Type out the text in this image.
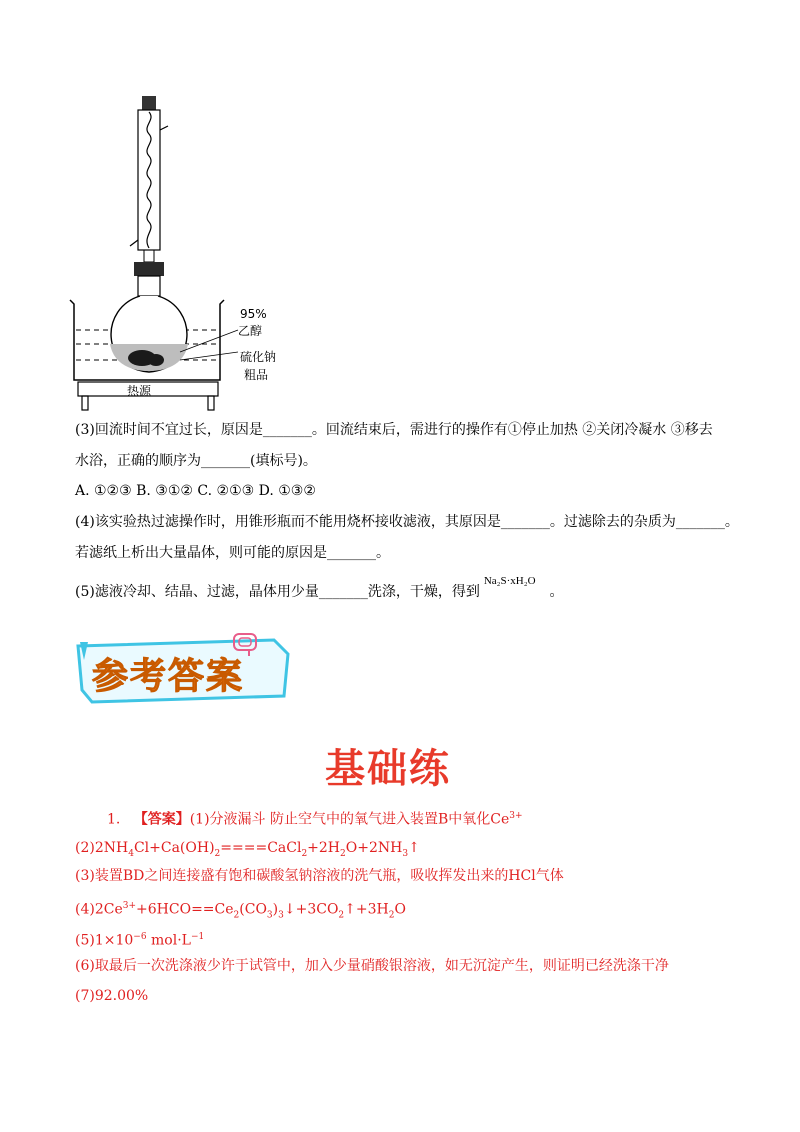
95%
乙醇
硫化钠
粗品
热源
(3)回流时间不宜过长，原因是_______。回流结束后，需进行的操作有①停止加热 ②关闭冷凝水 ③移去
水浴，正确的顺序为_______(填标号)。
A. ①②③ B. ③①② C. ②①③ D. ①③②
(4)该实验热过滤操作时，用锥形瓶而不能用烧杯接收滤液，其原因是_______。过滤除去的杂质为_______。
若滤纸上析出大量晶体，则可能的原因是_______。
(5)滤液冷却、结晶、过滤，晶体用少量_______洗涤，干燥，得到$^{Na_2S\cdot xH_2O}$。
参考答案
基础练
1. 【答案】(1)分液漏斗 防止空气中的氧气进入装置B中氧化$Ce^{3+}$
$(2)2NH_4Cl+Ca(OH)_2====CaCl_2+2H_2O+2NH_3↑$
(3)装置BD之间连接盛有饱和碳酸氢钠溶液的洗气瓶，吸收挥发出来的HCl气体
$(4)2Ce^{3+}+6HCO==Ce_2(CO_3)_3↓+3CO_2↑+3H_2O$
$(5)1\times 10^{-6}$ $mol\cdot L^{-1}$
(6)取最后一次洗涤液少许于试管中，加入少量硝酸银溶液，如无沉淀产生，则证明已经洗涤干净
(7)92.00%
